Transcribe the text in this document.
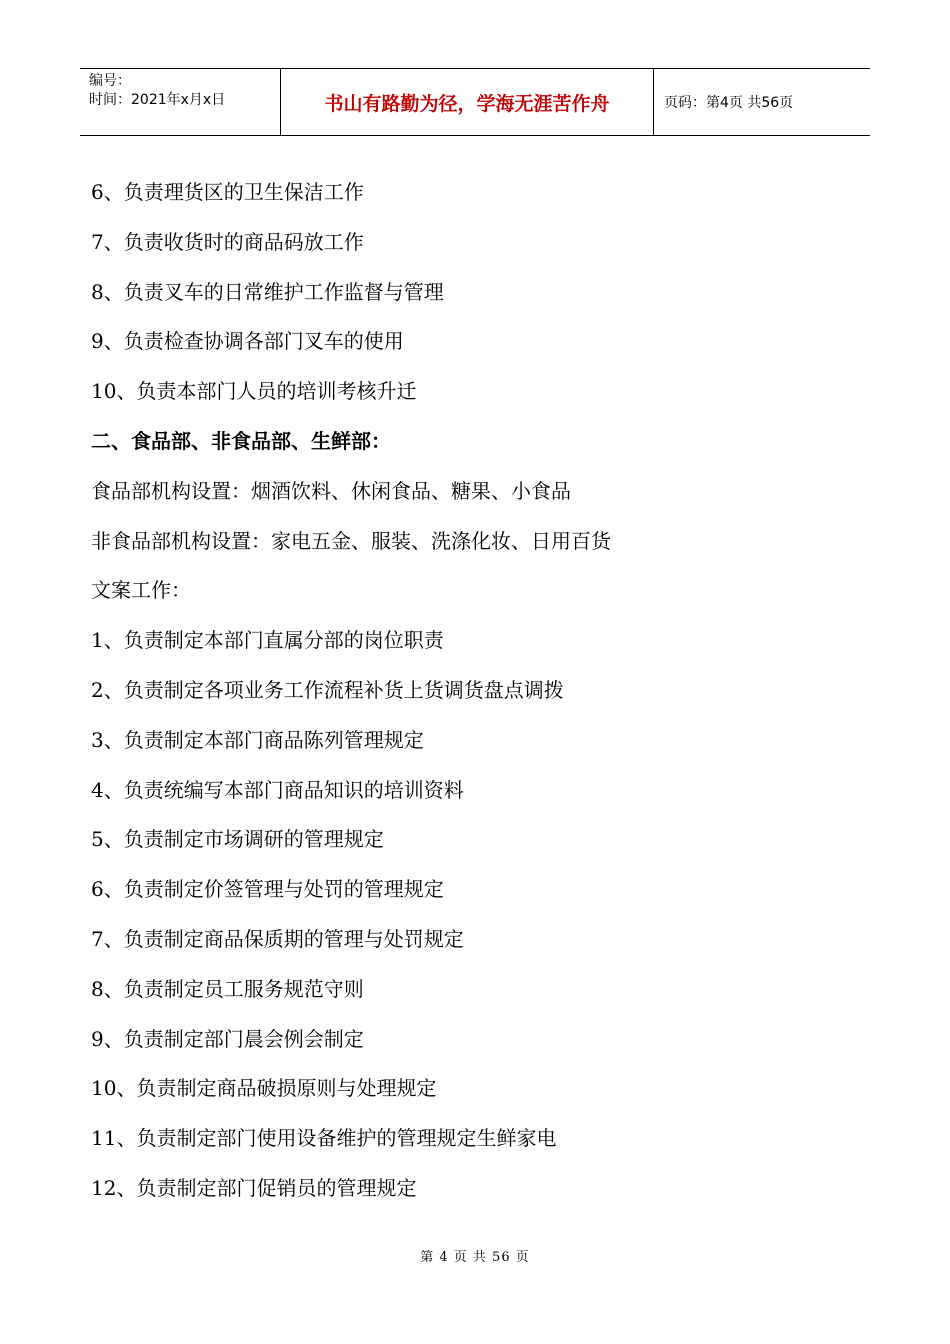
编号：
时间：2021年x月x日	书山有路勤为径，学海无涯苦作舟	页码：第4页 共56页
6、负责理货区的卫生保洁工作
7、负责收货时的商品码放工作
8、负责叉车的日常维护工作监督与管理
9、负责检查协调各部门叉车的使用
10、负责本部门人员的培训考核升迁
二、食品部、非食品部、生鲜部：
食品部机构设置：烟酒饮料、休闲食品、糖果、小食品
非食品部机构设置：家电五金、服装、洗涤化妆、日用百货
文案工作：
1、负责制定本部门直属分部的岗位职责
2、负责制定各项业务工作流程补货上货调货盘点调拨
3、负责制定本部门商品陈列管理规定
4、负责统编写本部门商品知识的培训资料
5、负责制定市场调研的管理规定
6、负责制定价签管理与处罚的管理规定
7、负责制定商品保质期的管理与处罚规定
8、负责制定员工服务规范守则
9、负责制定部门晨会例会制定
10、负责制定商品破损原则与处理规定
11、负责制定部门使用设备维护的管理规定生鲜家电
12、负责制定部门促销员的管理规定
第 4 页 共 56 页
